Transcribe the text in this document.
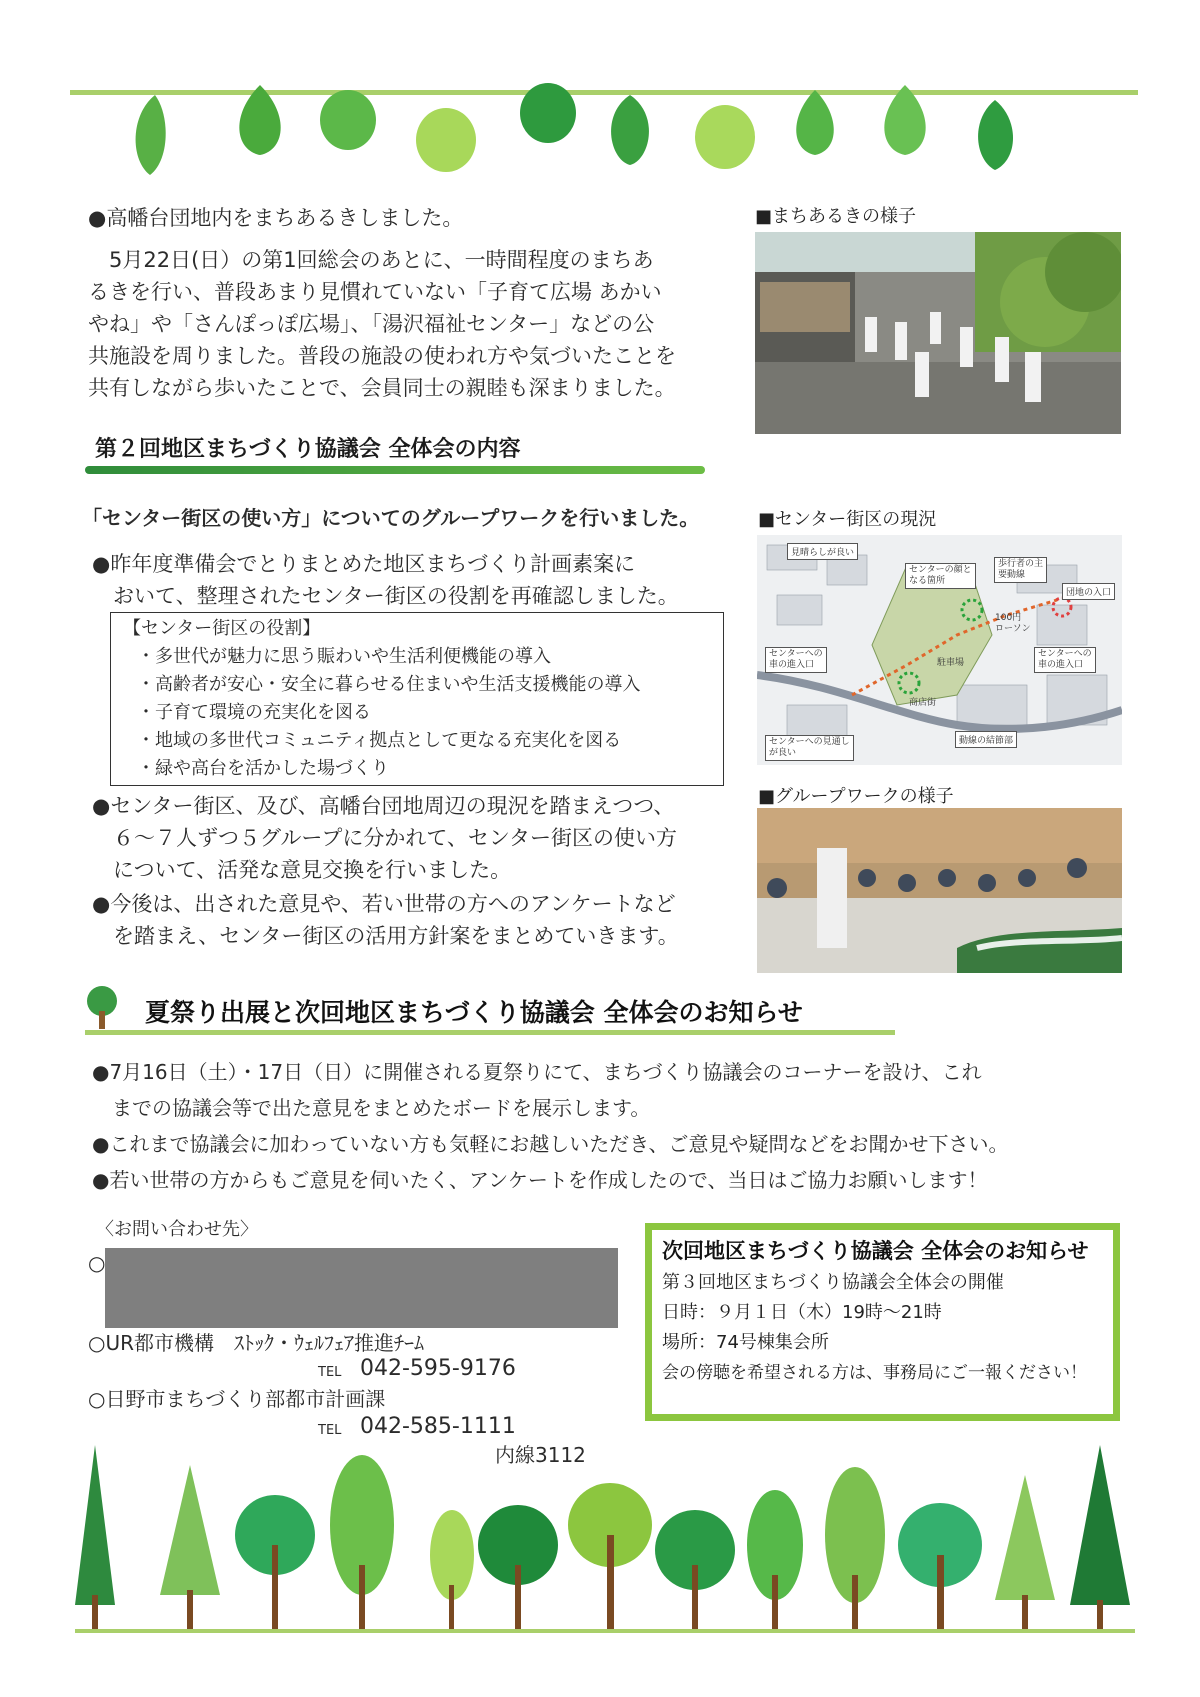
●高幡台団地内をまちあるきしました。
　5月22日(日）の第1回総会のあとに、一時間程度のまちあ
るきを行い、普段あまり見慣れていない「子育て広場 あかい
やね」や「さんぽっぽ広場」、「湯沢福祉センター」などの公
共施設を周りました。普段の施設の使われ方や気づいたことを
共有しながら歩いたことで、会員同士の親睦も深まりました。
■まちあるきの様子
第２回地区まちづくり協議会 全体会の内容
「センター街区の使い方」についてのグループワークを行いました。	■センター街区の現況
●昨年度準備会でとりまとめた地区まちづくり計画素案に
　おいて、整理されたセンター街区の役割を再確認しました。
【センター街区の役割】
・多世代が魅力に思う賑わいや生活利便機能の導入
・高齢者が安心・安全に暮らせる住まいや生活支援機能の導入
・子育て環境の充実化を図る
・地域の多世代コミュニティ拠点として更なる充実化を図る
・緑や高台を活かした場づくり
●センター街区、及び、高幡台団地周辺の現況を踏まえつつ、
　６～７人ずつ５グループに分かれて、センター街区の使い方
　について、活発な意見交換を行いました。
●今後は、出された意見や、若い世帯の方へのアンケートなど
　を踏まえ、センター街区の活用方針案をまとめていきます。
見晴らしが良い
センターの顔と
なる箇所
歩行者の主
要動線
団地の入口
100円
ローソン
センターへの
車の進入口
センターへの
車の進入口
駐車場
商店街
センターへの見通し
が良い
動線の結節部
■グループワークの様子
夏祭り出展と次回地区まちづくり協議会 全体会のお知らせ
●7月16日（土）・17日（日）に開催される夏祭りにて、まちづくり協議会のコーナーを設け、これ
　までの協議会等で出た意見をまとめたボードを展示します。
●これまで協議会に加わっていない方も気軽にお越しいただき、ご意見や疑問などをお聞かせ下さい。
●若い世帯の方からもご意見を伺いたく、アンケートを作成したので、当日はご協力お願いします！
〈お問い合わせ先〉
○
○UR都市機構　ｽﾄｯｸ・ｳｪﾙﾌｪｱ推進ﾁｰﾑ
TEL 042-595-9176
○日野市まちづくり部都市計画課
TEL 042-585-1111
内線3112
次回地区まちづくり協議会 全体会のお知らせ
第３回地区まちづくり協議会全体会の開催
日時：９月１日（木）19時～21時
場所：74号棟集会所
会の傍聴を希望される方は、事務局にご一報ください！
